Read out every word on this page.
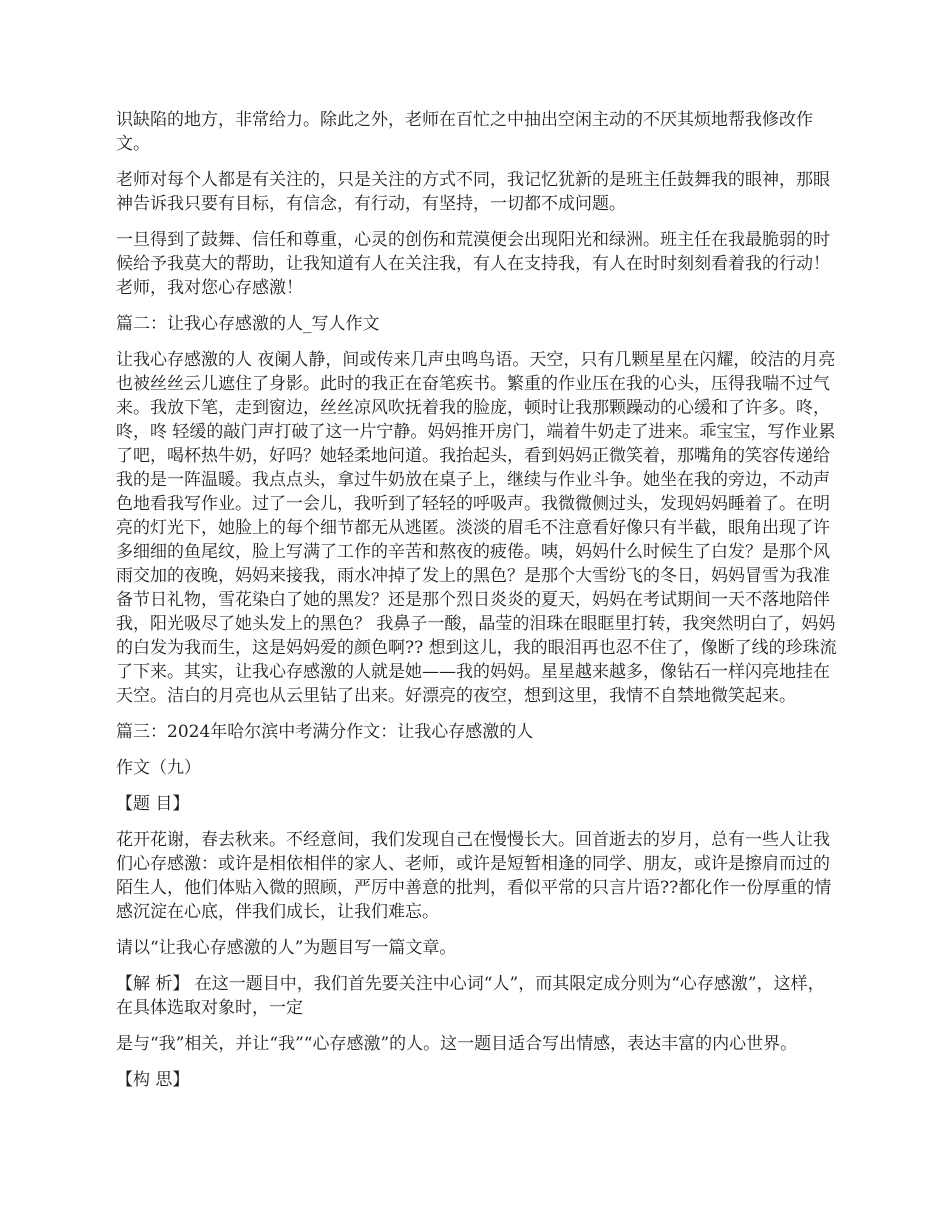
识缺陷的地方，非常给力。除此之外，老师在百忙之中抽出空闲主动的不厌其烦地帮我修改作文。

老师对每个人都是有关注的，只是关注的方式不同，我记忆犹新的是班主任鼓舞我的眼神，那眼神告诉我只要有目标，有信念，有行动，有坚持，一切都不成问题。

一旦得到了鼓舞、信任和尊重，心灵的创伤和荒漠便会出现阳光和绿洲。班主任在我最脆弱的时候给予我莫大的帮助，让我知道有人在关注我，有人在支持我，有人在时时刻刻看着我的行动！老师，我对您心存感激！

篇二：让我心存感激的人_写人作文

让我心存感激的人 夜阑人静，间或传来几声虫鸣鸟语。天空，只有几颗星星在闪耀，皎洁的月亮也被丝丝云儿遮住了身影。此时的我正在奋笔疾书。繁重的作业压在我的心头，压得我喘不过气来。我放下笔，走到窗边，丝丝凉风吹抚着我的脸庞，顿时让我那颗躁动的心缓和了许多。咚，咚，咚 轻缓的敲门声打破了这一片宁静。妈妈推开房门，端着牛奶走了进来。乖宝宝，写作业累了吧，喝杯热牛奶，好吗？她轻柔地问道。我抬起头，看到妈妈正微笑着，那嘴角的笑容传递给我的是一阵温暖。我点点头，拿过牛奶放在桌子上，继续与作业斗争。她坐在我的旁边，不动声色地看我写作业。过了一会儿，我听到了轻轻的呼吸声。我微微侧过头，发现妈妈睡着了。在明亮的灯光下，她脸上的每个细节都无从逃匿。淡淡的眉毛不注意看好像只有半截，眼角出现了许多细细的鱼尾纹，脸上写满了工作的辛苦和熬夜的疲倦。咦，妈妈什么时候生了白发？是那个风雨交加的夜晚，妈妈来接我，雨水冲掉了发上的黑色？是那个大雪纷飞的冬日，妈妈冒雪为我准备节日礼物，雪花染白了她的黑发？还是那个烈日炎炎的夏天，妈妈在考试期间一天不落地陪伴我，阳光吸尽了她头发上的黑色？ 我鼻子一酸，晶莹的泪珠在眼眶里打转，我突然明白了，妈妈的白发为我而生，这是妈妈爱的颜色啊?? 想到这儿，我的眼泪再也忍不住了，像断了线的珍珠流了下来。其实，让我心存感激的人就是她——我的妈妈。星星越来越多，像钻石一样闪亮地挂在天空。洁白的月亮也从云里钻了出来。好漂亮的夜空，想到这里，我情不自禁地微笑起来。

篇三：2024年哈尔滨中考满分作文：让我心存感激的人

作文（九）

【题 目】

花开花谢，春去秋来。不经意间，我们发现自己在慢慢长大。回首逝去的岁月，总有一些人让我们心存感激：或许是相依相伴的家人、老师，或许是短暂相逢的同学、朋友，或许是擦肩而过的陌生人，他们体贴入微的照顾，严厉中善意的批判，看似平常的只言片语??都化作一份厚重的情感沉淀在心底，伴我们成长，让我们难忘。

请以“让我心存感激的人”为题目写一篇文章。

【解 析】 在这一题目中，我们首先要关注中心词“人”，而其限定成分则为“心存感激”，这样，在具体选取对象时，一定

是与“我”相关，并让“我”“心存感激”的人。这一题目适合写出情感，表达丰富的内心世界。

【构 思】
